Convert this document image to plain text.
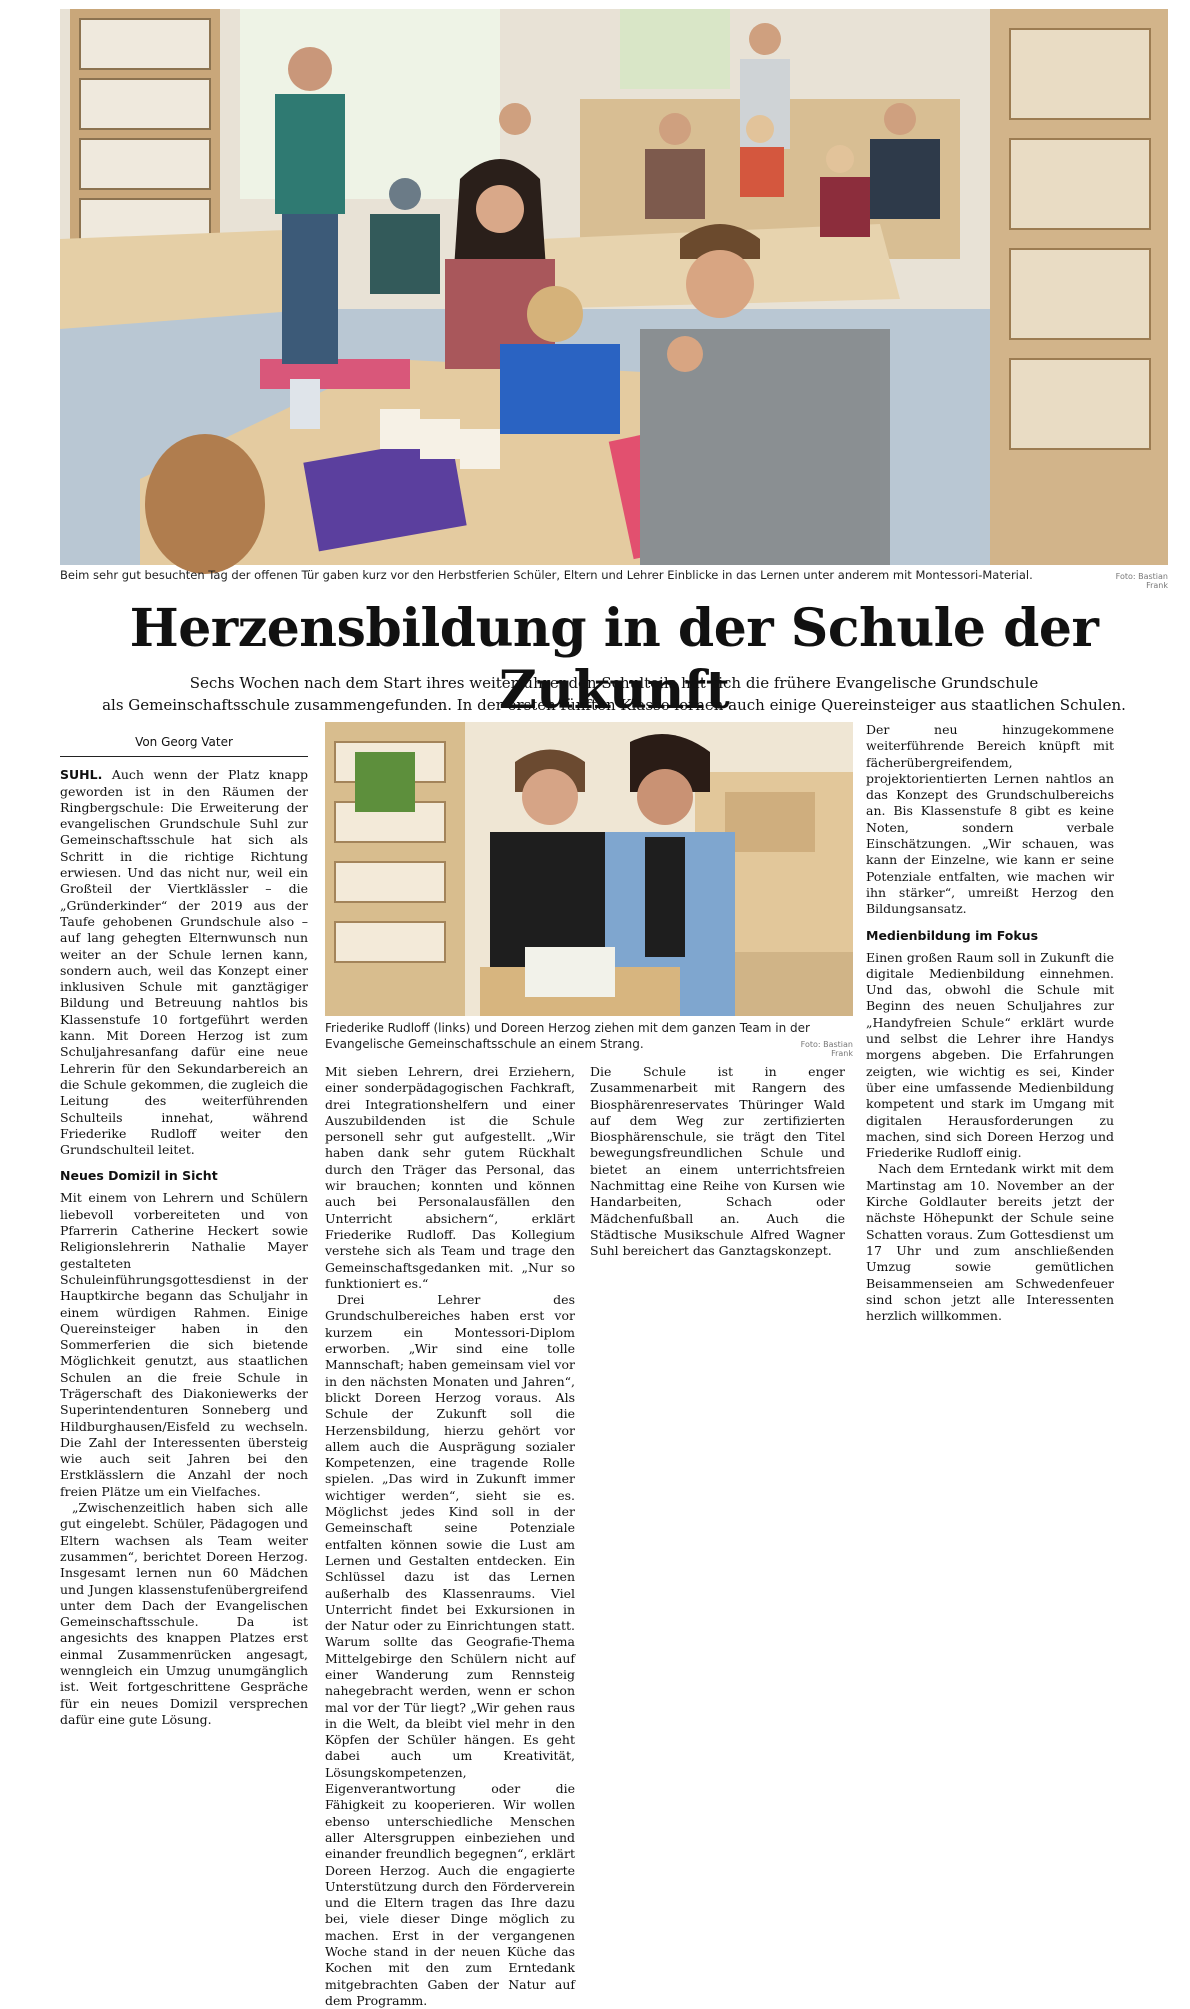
Beim sehr gut besuchten Tag der offenen Tür gaben kurz vor den Herbstferien Schüler, Eltern und Lehrer Einblicke in das Lernen unter anderem mit Montessori-Material.	Foto: Bastian Frank
Herzensbildung in der Schule der Zukunft

Sechs Wochen nach dem Start ihres weiterführenden Schulteils hat sich die frühere Evangelische Grundschule

als Gemeinschaftsschule zusammengefunden. In der ersten fünften Klasse lernen auch einige Quereinsteiger aus staatlichen Schulen.

Von Georg Vater

SUHL. Auch wenn der Platz knapp geworden ist in den Räumen der Ringbergschule: Die Erweiterung der evangelischen Grundschule Suhl zur Gemeinschaftsschule hat sich als Schritt in die richtige Richtung erwiesen. Und das nicht nur, weil ein Großteil der Viertklässler – die „Gründerkinder“ der 2019 aus der Taufe gehobenen Grundschule also – auf lang gehegten Elternwunsch nun weiter an der Schule lernen kann, sondern auch, weil das Konzept einer inklusiven Schule mit ganztägiger Bildung und Betreuung nahtlos bis Klassenstufe 10 fortgeführt werden kann. Mit Doreen Herzog ist zum Schuljahresanfang dafür eine neue Lehrerin für den Sekundarbereich an die Schule gekommen, die zugleich die Leitung des weiterführenden Schulteils innehat, während Friederike Rudloff weiter den Grundschulteil leitet.

Neues Domizil in Sicht

Mit einem von Lehrern und Schülern liebevoll vorbereiteten und von Pfarrerin Catherine Heckert sowie Religionslehrerin Nathalie Mayer gestalteten Schuleinführungsgottesdienst in der Hauptkirche begann das Schuljahr in einem würdigen Rahmen. Einige Quereinsteiger haben in den Sommerferien die sich bietende Möglichkeit genutzt, aus staatlichen Schulen an die freie Schule in Trägerschaft des Diakoniewerks der Superintendenturen Sonneberg und Hildburghausen/Eisfeld zu wechseln. Die Zahl der Interessenten übersteig wie auch seit Jahren bei den Erstklässlern die Anzahl der noch freien Plätze um ein Vielfaches.

„Zwischenzeitlich haben sich alle gut eingelebt. Schüler, Pädagogen und Eltern wachsen als Team weiter zusammen“, berichtet Doreen Herzog. Insgesamt lernen nun 60 Mädchen und Jungen klassenstufenübergreifend unter dem Dach der Evangelischen Gemeinschaftsschule. Da ist angesichts des knappen Platzes erst einmal Zusammenrücken angesagt, wenngleich ein Umzug unumgänglich ist. Weit fortgeschrittene Gespräche für ein neues Domizil versprechen dafür eine gute Lösung.

Friederike Rudloff (links) und Doreen Herzog ziehen mit dem ganzen Team in der Evangelische Gemeinschaftsschule an einem Strang.	Foto: Bastian Frank

Mit sieben Lehrern, drei Erziehern, einer sonderpädagogischen Fachkraft, drei Integrationshelfern und einer Auszubildenden ist die Schule personell sehr gut aufgestellt. „Wir haben dank sehr gutem Rückhalt durch den Träger das Personal, das wir brauchen; konnten und können auch bei Personalausfällen den Unterricht absichern“, erklärt Friederike Rudloff. Das Kollegium verstehe sich als Team und trage den Gemeinschaftsgedanken mit. „Nur so funktioniert es.“

Drei Lehrer des Grundschulbereiches haben erst vor kurzem ein Montessori-Diplom erworben. „Wir sind eine tolle Mannschaft; haben gemeinsam viel vor in den nächsten Monaten und Jahren“, blickt Doreen Herzog voraus. Als Schule der Zukunft soll die Herzensbildung, hierzu gehört vor allem auch die Ausprägung sozialer Kompetenzen, eine tragende Rolle spielen. „Das wird in Zukunft immer wichtiger werden“, sieht sie es. Möglichst jedes Kind soll in der Gemeinschaft seine Potenziale entfalten können sowie die Lust am Lernen und Gestalten entdecken. Ein Schlüssel dazu ist das Lernen außerhalb des Klassenraums. Viel Unterricht findet bei Exkursionen in der Natur oder zu Einrichtungen statt. Warum sollte das Geografie-Thema Mittelgebirge den Schülern nicht auf einer Wanderung zum Rennsteig nahegebracht werden, wenn er schon mal vor der Tür liegt? „Wir gehen raus in die Welt, da bleibt viel mehr in den Köpfen der Schüler hängen. Es geht dabei auch um Kreativität, Lösungskompetenzen, Eigenverantwortung oder die Fähigkeit zu kooperieren. Wir wollen ebenso unterschiedliche Menschen aller Altersgruppen einbeziehen und einander freundlich begegnen“, erklärt Doreen Herzog. Auch die engagierte Unterstützung durch den Förderverein und die Eltern tragen das Ihre dazu bei, viele dieser Dinge möglich zu machen. Erst in der vergangenen Woche stand in der neuen Küche das Kochen mit den zum Erntedank mitgebrachten Gaben der Natur auf dem Programm.

Die Schule ist in enger Zusammenarbeit mit Rangern des Biosphärenreservates Thüringer Wald auf dem Weg zur zertifizierten Biosphärenschule, sie trägt den Titel bewegungsfreundlichen Schule und bietet an einem unterrichtsfreien Nachmittag eine Reihe von Kursen wie Handarbeiten, Schach oder Mädchenfußball an. Auch die Städtische Musikschule Alfred Wagner Suhl bereichert das Ganztagskonzept.

Der neu hinzugekommene weiterführende Bereich knüpft mit fächerübergreifendem, projektorientierten Lernen nahtlos an das Konzept des Grundschulbereichs an. Bis Klassenstufe 8 gibt es keine Noten, sondern verbale Einschätzungen. „Wir schauen, was kann der Einzelne, wie kann er seine Potenziale entfalten, wie machen wir ihn stärker“, umreißt Herzog den Bildungsansatz.

Medienbildung im Fokus

Einen großen Raum soll in Zukunft die digitale Medienbildung einnehmen. Und das, obwohl die Schule mit Beginn des neuen Schuljahres zur „Handyfreien Schule“ erklärt wurde und selbst die Lehrer ihre Handys morgens abgeben. Die Erfahrungen zeigten, wie wichtig es sei, Kinder über eine umfassende Medienbildung kompetent und stark im Umgang mit digitalen Herausforderungen zu machen, sind sich Doreen Herzog und Friederike Rudloff einig.

Nach dem Erntedank wirkt mit dem Martinstag am 10. November an der Kirche Goldlauter bereits jetzt der nächste Höhepunkt der Schule seine Schatten voraus. Zum Gottesdienst um 17 Uhr und zum anschließenden Umzug sowie gemütlichen Beisammenseien am Schwedenfeuer sind schon jetzt alle Interessenten herzlich willkommen.
